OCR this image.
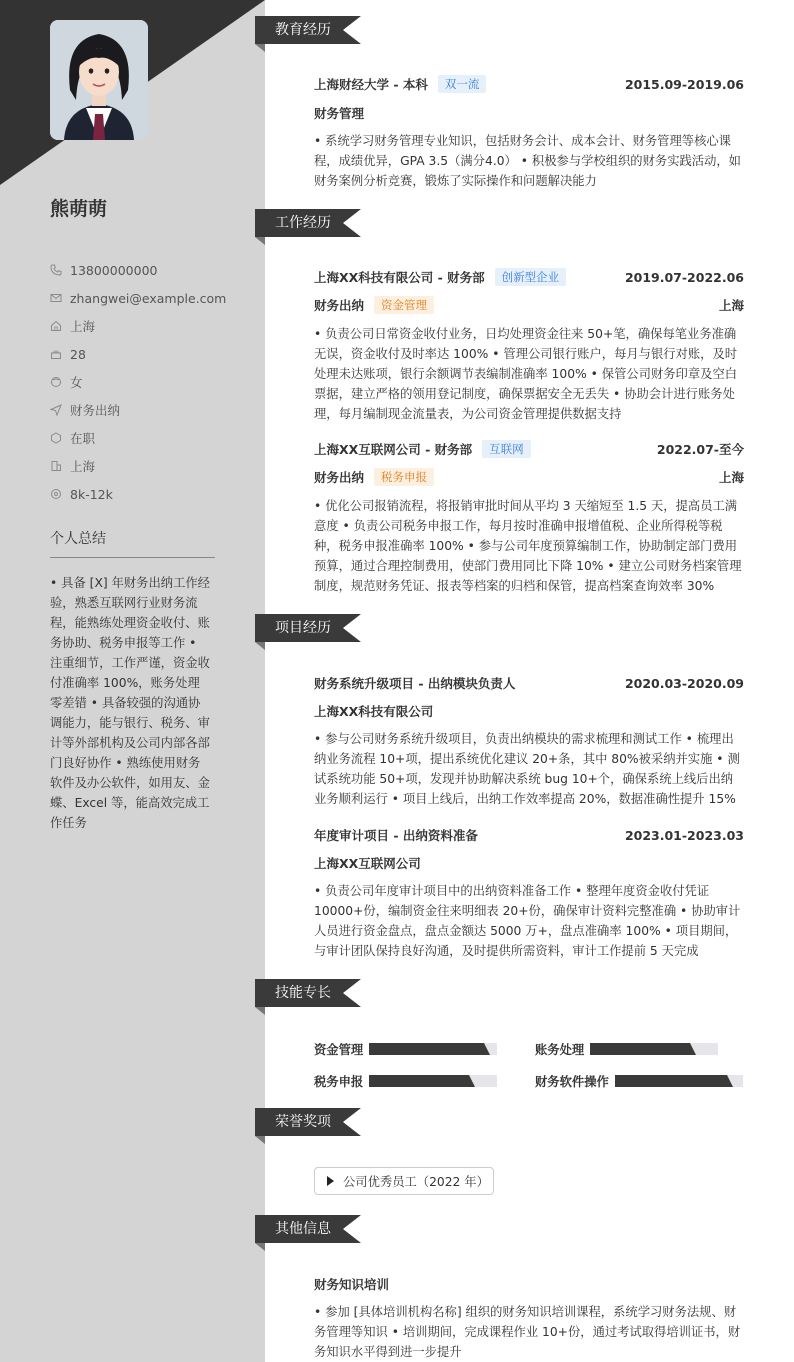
熊萌萌
13800000000
zhangwei@example.com
上海
28
女
财务出纳
在职
上海
8k-12k
个人总结
• 具备 [X] 年财务出纳工作经验，熟悉互联网行业财务流程，能熟练处理资金收付、账务协助、税务申报等工作 • 注重细节，工作严谨，资金收付准确率 100%，账务处理零差错 • 具备较强的沟通协调能力，能与银行、税务、审计等外部机构及公司内部各部门良好协作 • 熟练使用财务软件及办公软件，如用友、金蝶、Excel 等，能高效完成工作任务
教育经历
上海财经大学 - 本科	双一流	2015.09-2019.06
财务管理
• 系统学习财务管理专业知识，包括财务会计、成本会计、财务管理等核心课程，成绩优异，GPA 3.5（满分4.0） • 积极参与学校组织的财务实践活动，如财务案例分析竞赛，锻炼了实际操作和问题解决能力
工作经历
上海XX科技有限公司 - 财务部	创新型企业	2019.07-2022.06
财务出纳	资金管理	上海
• 负责公司日常资金收付业务，日均处理资金往来 50+笔，确保每笔业务准确无误，资金收付及时率达 100% • 管理公司银行账户，每月与银行对账，及时处理未达账项，银行余额调节表编制准确率 100% • 保管公司财务印章及空白票据，建立严格的领用登记制度，确保票据安全无丢失 • 协助会计进行账务处理，每月编制现金流量表，为公司资金管理提供数据支持
上海XX互联网公司 - 财务部	互联网	2022.07-至今
财务出纳	税务申报	上海
• 优化公司报销流程，将报销审批时间从平均 3 天缩短至 1.5 天，提高员工满意度 • 负责公司税务申报工作，每月按时准确申报增值税、企业所得税等税种，税务申报准确率 100% • 参与公司年度预算编制工作，协助制定部门费用预算，通过合理控制费用，使部门费用同比下降 10% • 建立公司财务档案管理制度，规范财务凭证、报表等档案的归档和保管，提高档案查询效率 30%
项目经历
财务系统升级项目 - 出纳模块负责人	2020.03-2020.09
上海XX科技有限公司
• 参与公司财务系统升级项目，负责出纳模块的需求梳理和测试工作 • 梳理出纳业务流程 10+项，提出系统优化建议 20+条，其中 80%被采纳并实施 • 测试系统功能 50+项，发现并协助解决系统 bug 10+个，确保系统上线后出纳业务顺利运行 • 项目上线后，出纳工作效率提高 20%，数据准确性提升 15%
年度审计项目 - 出纳资料准备	2023.01-2023.03
上海XX互联网公司
• 负责公司年度审计项目中的出纳资料准备工作 • 整理年度资金收付凭证 10000+份，编制资金往来明细表 20+份，确保审计资料完整准确 • 协助审计人员进行资金盘点，盘点金额达 5000 万+，盘点准确率 100% • 项目期间，与审计团队保持良好沟通，及时提供所需资料，审计工作提前 5 天完成
技能专长
资金管理	账务处理
税务申报	财务软件操作
荣誉奖项
公司优秀员工（2022 年）
其他信息
财务知识培训
• 参加 [具体培训机构名称] 组织的财务知识培训课程，系统学习财务法规、财务管理等知识 • 培训期间，完成课程作业 10+份，通过考试取得培训证书，财务知识水平得到进一步提升
